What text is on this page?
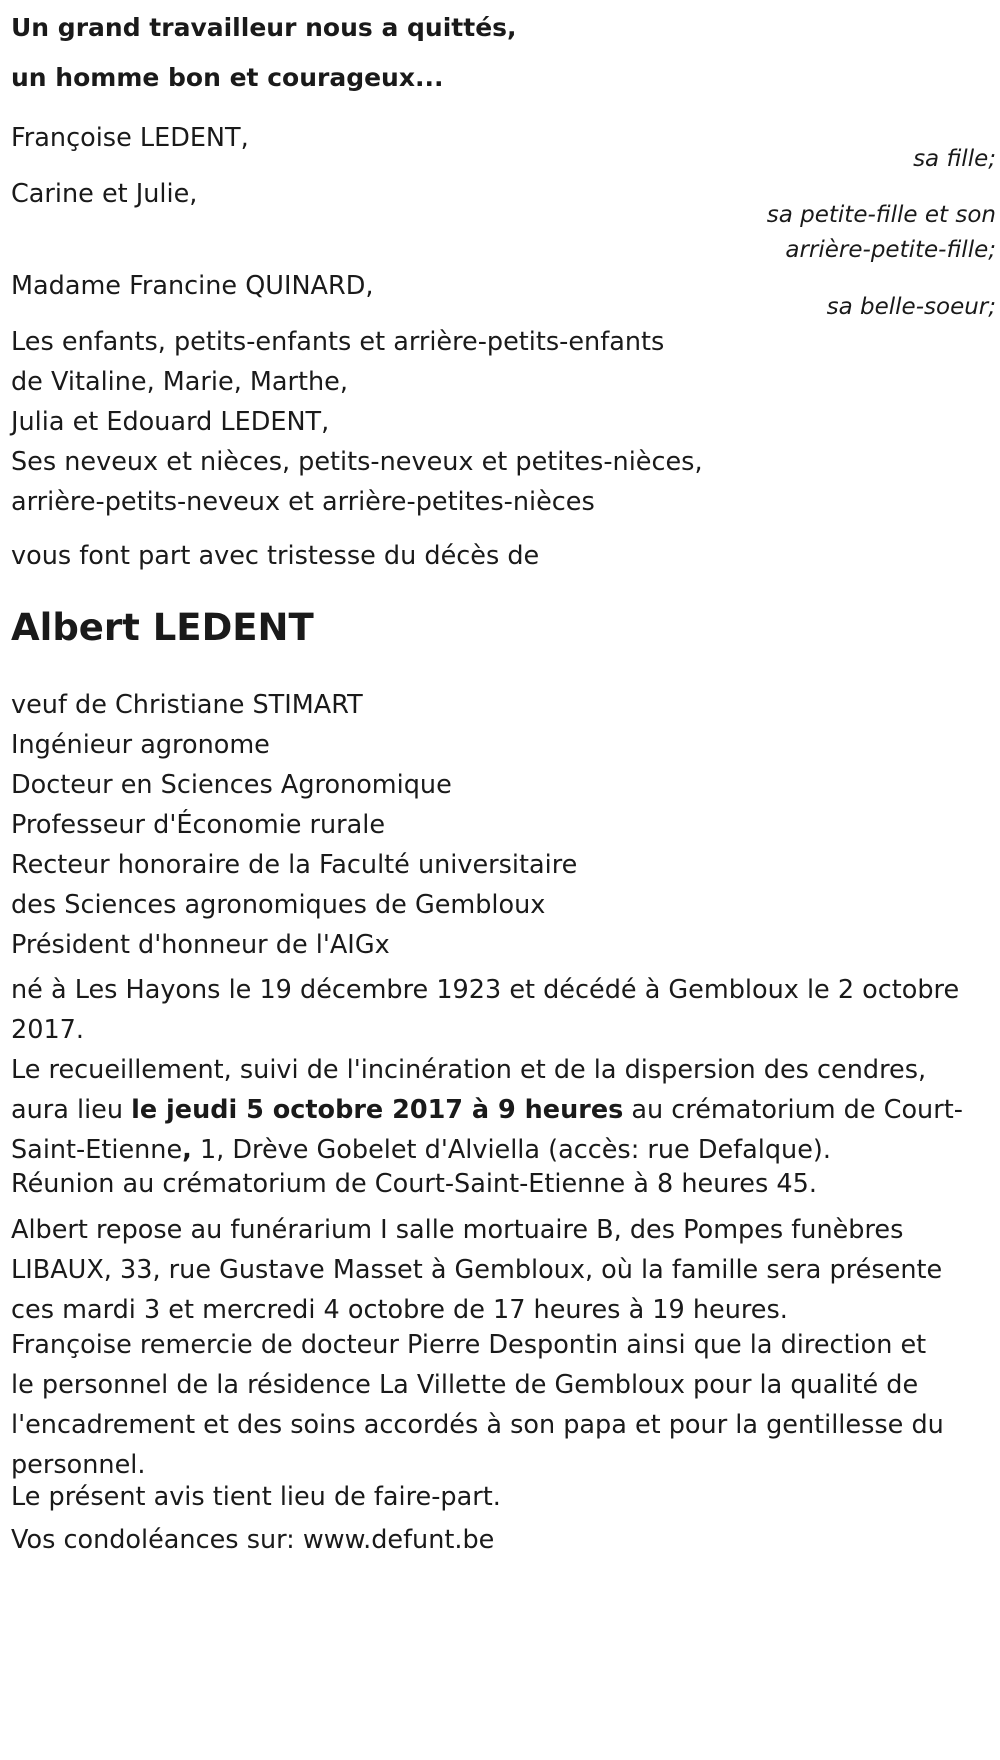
Un grand travailleur nous a quittés,
un homme bon et courageux...
Françoise LEDENT,
sa fille;
Carine et Julie,
sa petite-fille et son
arrière-petite-fille;
Madame Francine QUINARD,
sa belle-soeur;
Les enfants, petits-enfants et arrière-petits-enfants
de Vitaline, Marie, Marthe,
Julia et Edouard LEDENT,
Ses neveux et nièces, petits-neveux et petites-nièces,
arrière-petits-neveux et arrière-petites-nièces
vous font part avec tristesse du décès de
Albert LEDENT
veuf de Christiane STIMART
Ingénieur agronome
Docteur en Sciences Agronomique
Professeur d'Économie rurale
Recteur honoraire de la Faculté universitaire
des Sciences agronomiques de Gembloux
Président d'honneur de l'AIGx
né à Les Hayons le 19 décembre 1923 et décédé à Gembloux le 2 octobre
2017.
Le recueillement, suivi de l'incinération et de la dispersion des cendres,
aura lieu le jeudi 5 octobre 2017 à 9 heures au crématorium de Court-
Saint-Etienne, 1, Drève Gobelet d'Alviella (accès: rue Defalque).
Réunion au crématorium de Court-Saint-Etienne à 8 heures 45.
Albert repose au funérarium I salle mortuaire B, des Pompes funèbres
LIBAUX, 33, rue Gustave Masset à Gembloux, où la famille sera présente
ces mardi 3 et mercredi 4 octobre de 17 heures à 19 heures.
Françoise remercie de docteur Pierre Despontin ainsi que la direction et
le personnel de la résidence La Villette de Gembloux pour la qualité de
l'encadrement et des soins accordés à son papa et pour la gentillesse du
personnel.
Le présent avis tient lieu de faire-part.
Vos condoléances sur: www.defunt.be
